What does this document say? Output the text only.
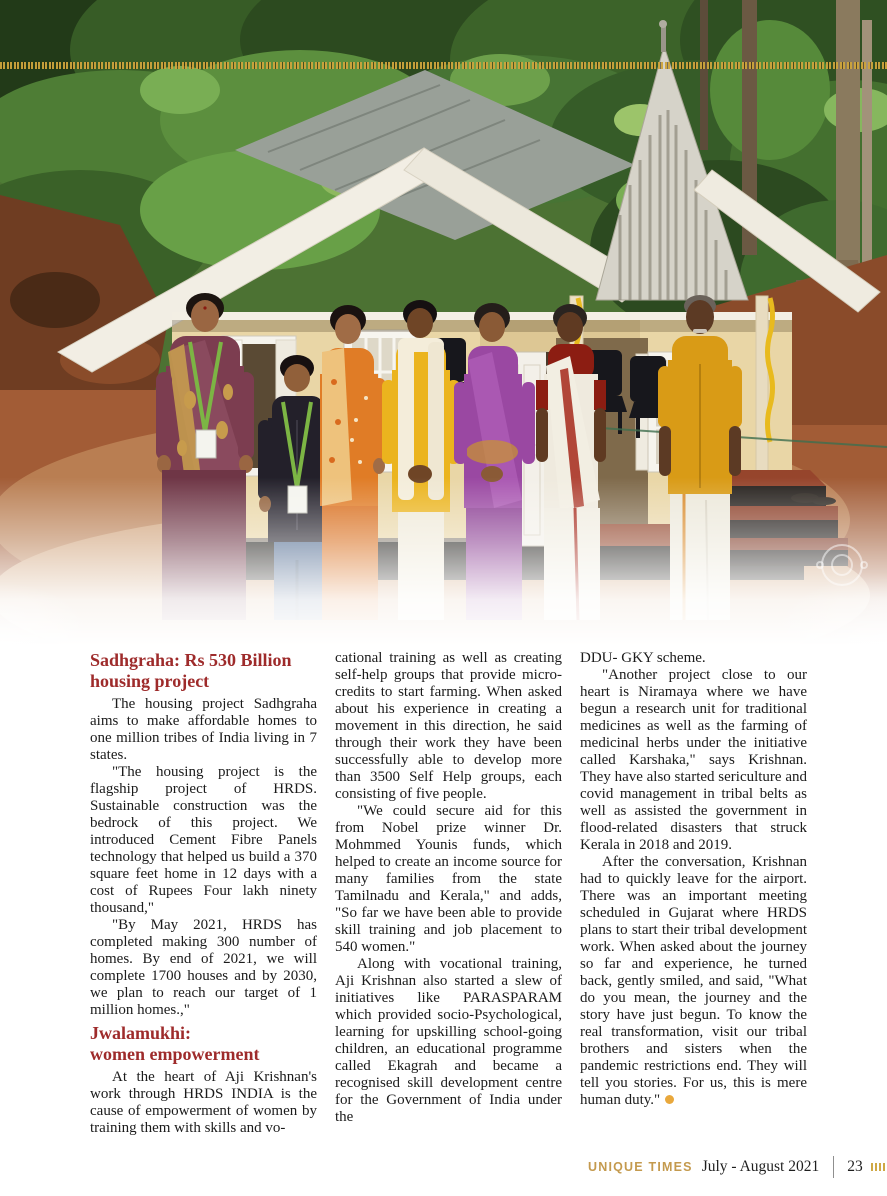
Sadhgraha: Rs 530 Billion
housing project

The housing project Sadhgraha aims to make affordable homes to one million tribes of India living in 7 states.

"The housing project is the flagship project of HRDS. Sustainable construction was the bedrock of this project. We introduced Cement Fibre Panels technology that helped us build a 370 square feet home in 12 days with a cost of Rupees Four lakh ninety thousand,"

"By May 2021, HRDS has completed making 300 number of homes. By end of 2021, we will complete 1700 houses and by 2030, we plan to reach our target of 1 million homes.,"

Jwalamukhi:
women empowerment

At the heart of Aji Krishnan's work through HRDS INDIA is the cause of empowerment of women by training them with skills and vo-

cational training as well as creating self-help groups that provide micro-credits to start farming. When asked about his experience in creating a movement in this direction, he said through their work they have been successfully able to develop more than 3500 Self Help groups, each consisting of five people.

"We could secure aid for this from Nobel prize winner Dr. Mohmmed Younis funds, which helped to create an income source for many families from the state Tamilnadu and Kerala," and adds, "So far we have been able to provide skill training and job placement to 540 women."

Along with vocational training, Aji Krishnan also started a slew of initiatives like PARASPARAM which provided socio-Psychological, learning for upskilling school-going children, an educational programme called Ekagrah and became a recognised skill development centre for the Government of India under the

DDU- GKY scheme.

"Another project close to our heart is Niramaya where we have begun a research unit for traditional medicines as well as the farming of medicinal herbs under the initiative called Karshaka," says Krishnan. They have also started sericulture and covid management in tribal belts as well as assisted the government in flood-related disasters that struck Kerala in 2018 and 2019.

After the conversation, Krishnan had to quickly leave for the airport. There was an important meeting scheduled in Gujarat where HRDS plans to start their tribal development work. When asked about the journey so far and experience, he turned back, gently smiled, and said, "What do you mean, the journey and the story have just begun. To know the real transformation, visit our tribal brothers and sisters when the pandemic restrictions end. They will tell you stories. For us, this is mere human duty."

UNIQUE TIMES July - August 2021 23
